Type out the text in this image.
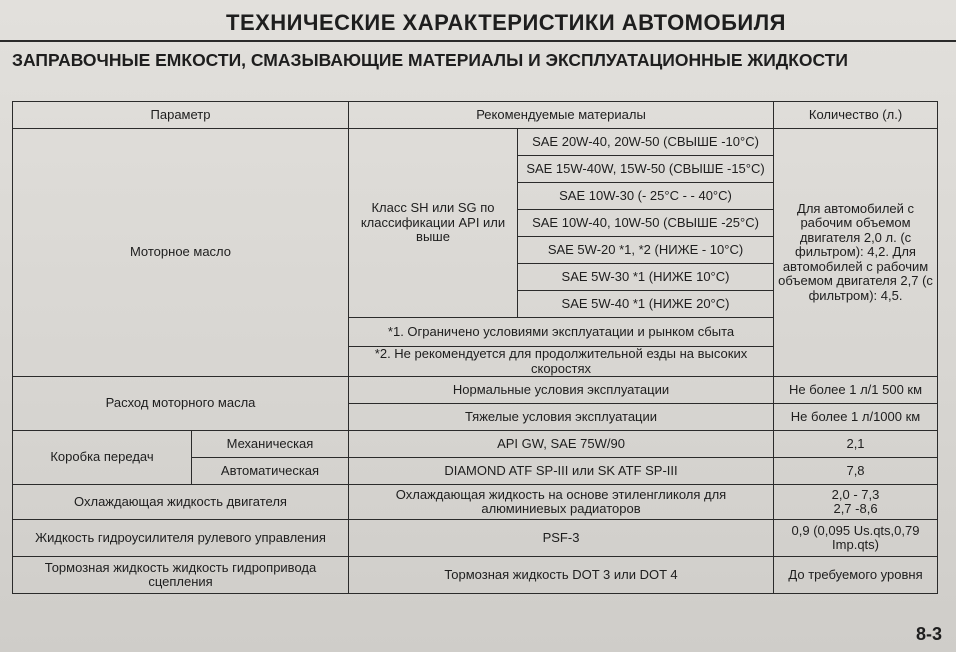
ТЕХНИЧЕСКИЕ ХАРАКТЕРИСТИКИ АВТОМОБИЛЯ
ЗАПРАВОЧНЫЕ ЕМКОСТИ, СМАЗЫВАЮЩИЕ МАТЕРИАЛЫ И ЭКСПЛУАТАЦИОННЫЕ ЖИДКОСТИ
Параметр		Рекомендуемые материалы		Количество (л.)
Моторное масло		Класс SH или SG по классификации API или выше	SAE 20W-40, 20W-50 (СВЫШЕ -10°C)	Для автомобилей с рабочим объемом двигателя 2,0 л. (с фильтром): 4,2. Для автомобилей с рабочим объемом двигателя 2,7 (с фильтром): 4,5.
			SAE 15W-40W, 15W-50 (СВЫШЕ -15°C)	
			SAE 10W-30 (- 25°C - - 40°C)	
			SAE 10W-40, 10W-50 (СВЫШЕ -25°C)	
			SAE 5W-20 *1, *2 (НИЖЕ - 10°C)	
			SAE 5W-30 *1 (НИЖЕ 10°C)	
			SAE 5W-40 *1 (НИЖЕ 20°C)	
		*1. Ограничено условиями эксплуатации и рынком сбыта		
		*2. Не рекомендуется для продолжительной езды на высоких скоростях		
Расход моторного масла		Нормальные условия эксплуатации		Не более 1 л/1 500 км
		Тяжелые условия эксплуатации		Не более 1 л/1000 км
Коробка передач	Механическая	API GW, SAE 75W/90		2,1
	Автоматическая	DIAMOND ATF SP-III или SK ATF SP-III		7,8
Охлаждающая жидкость двигателя		Охлаждающая жидкость на основе этиленгликоля для алюминиевых радиаторов		2,0 - 7,3
2,7 -8,6

Жидкость гидроусилителя рулевого управления		PSF-3		0,9 (0,095 Us.qts,0,79 Imp.qts)
Тормозная жидкость жидкость гидропривода сцепления		Тормозная жидкость DOT 3 или DOT 4		До требуемого уровня
8-3
